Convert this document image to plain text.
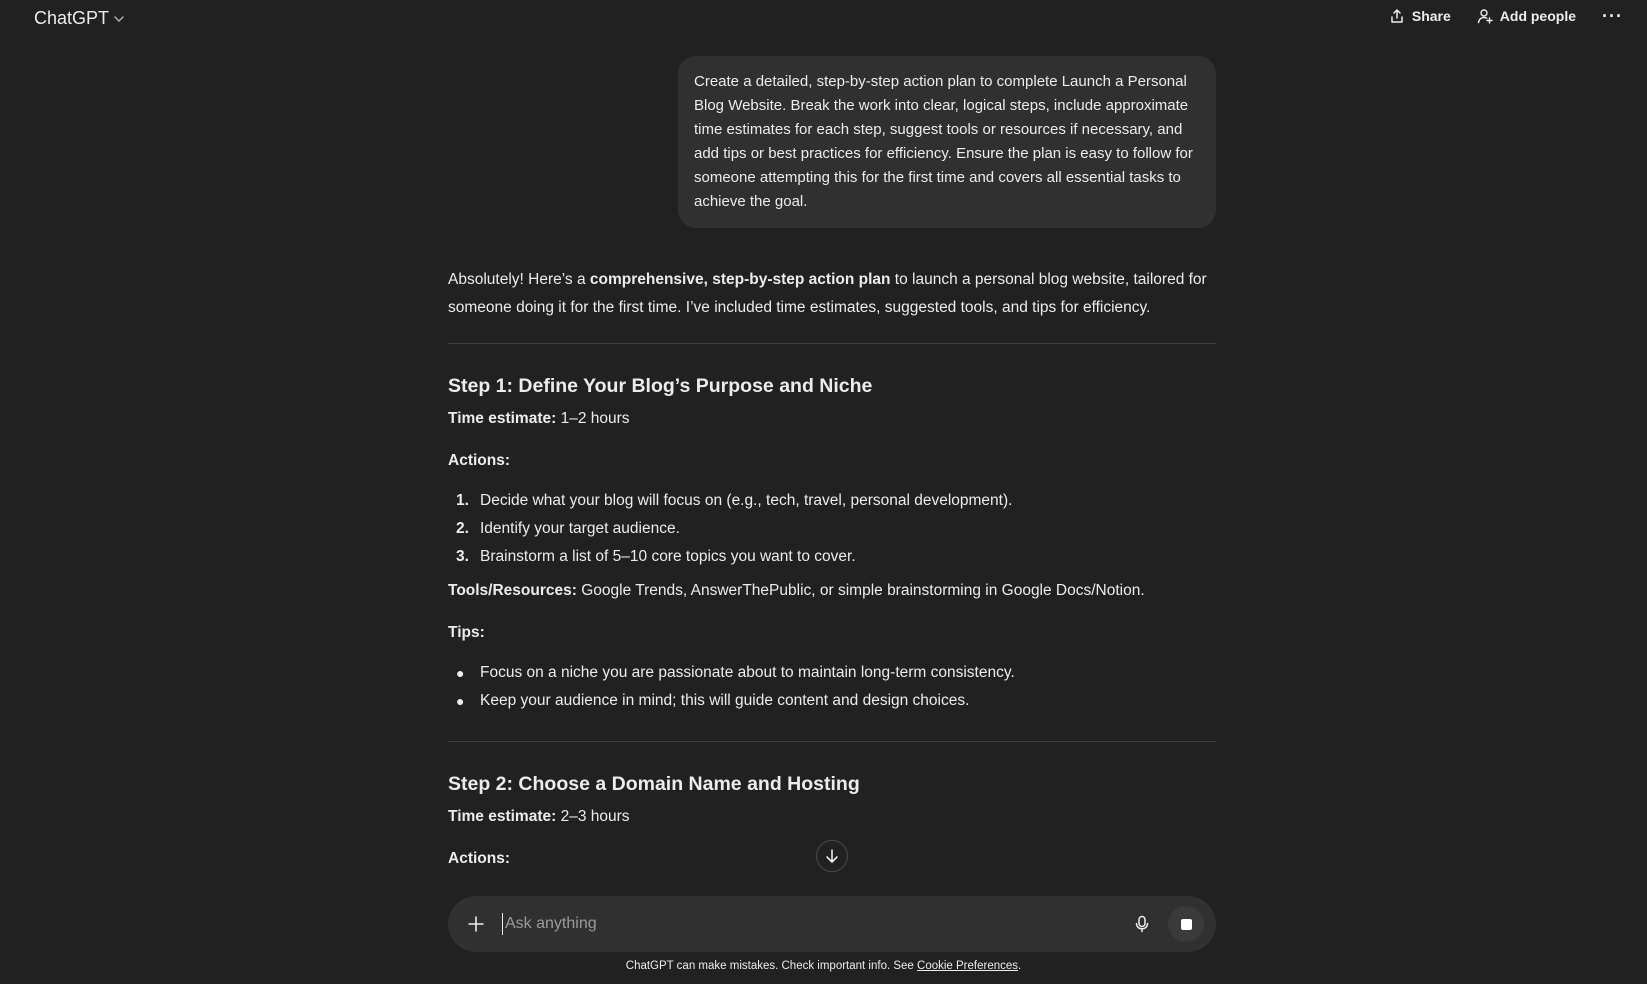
ChatGPT	Share	Add people ···
Create a detailed, step-by-step action plan to complete Launch a Personal Blog Website. Break the work into clear, logical steps, include approximate time estimates for each step, suggest tools or resources if necessary, and add tips or best practices for efficiency. Ensure the plan is easy to follow for someone attempting this for the first time and covers all essential tasks to achieve the goal.

Absolutely! Here’s a comprehensive, step-by-step action plan to launch a personal blog website, tailored for someone doing it for the first time. I’ve included time estimates, suggested tools, and tips for efficiency.

Step 1: Define Your Blog’s Purpose and Niche
Time estimate: 1–2 hours
Actions:
1. Decide what your blog will focus on (e.g., tech, travel, personal development).
2. Identify your target audience.
3. Brainstorm a list of 5–10 core topics you want to cover.
Tools/Resources: Google Trends, AnswerThePublic, or simple brainstorming in Google Docs/Notion.
Tips:
●	Focus on a niche you are passionate about to maintain long-term consistency.
●	Keep your audience in mind; this will guide content and design choices.
Step 2: Choose a Domain Name and Hosting
Time estimate: 2–3 hours
Actions:
Ask anything
ChatGPT can make mistakes. Check important info. See Cookie Preferences.
